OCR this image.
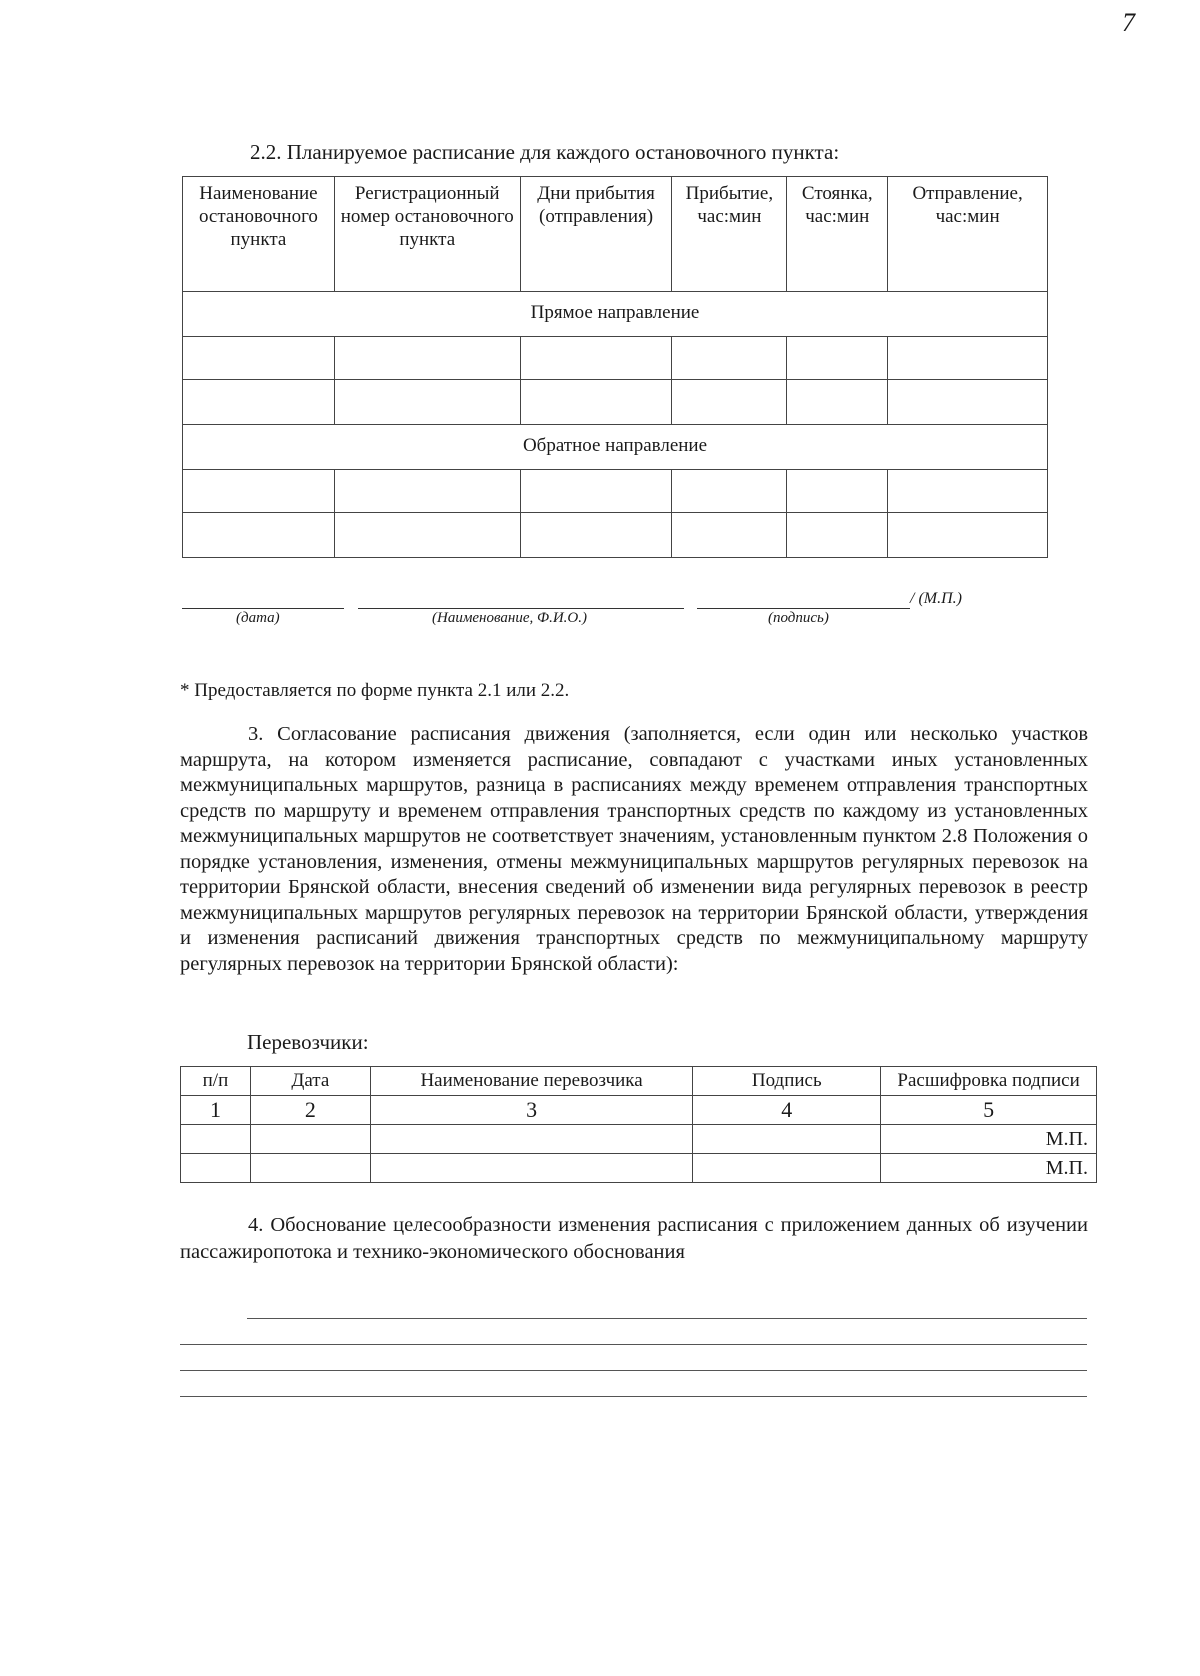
7
2.2. Планируемое расписание для каждого остановочного пункта:
Наименование остановочного пункта	Регистрационный номер остановочного пункта	Дни прибытия (отправления)	Прибытие, час:мин	Стоянка, час:мин	Отправление, час:мин
Прямое направление					

Обратное направление					

/ (М.П.)
(дата)	(Наименование, Ф.И.О.)	(подпись)
* Предоставляется по форме пункта 2.1 или 2.2.

3. Согласование расписания движения (заполняется, если один или несколько участков маршрута, на котором изменяется расписание, совпадают с участками иных установленных межмуниципальных маршрутов, разница в расписаниях между временем отправления транспортных средств по маршруту и временем отправления транспортных средств по каждому из установленных межмуниципальных маршрутов не соответствует значениям, установленным пунктом 2.8 Положения о порядке установления, изменения, отмены межмуниципальных маршрутов регулярных перевозок на территории Брянской области, внесения сведений об изменении вида регулярных перевозок в реестр межмуниципальных маршрутов регулярных перевозок на территории Брянской области, утверждения и изменения расписаний движения транспортных средств по межмуниципальному маршруту регулярных перевозок на территории Брянской области):

Перевозчики:
п/п	Дата	Наименование перевозчика	Подпись	Расшифровка подписи
1	2	3	4	5
				М.П.
				М.П.

4. Обоснование целесообразности изменения расписания с приложением данных об изучении пассажиропотока и технико-экономического обоснования
